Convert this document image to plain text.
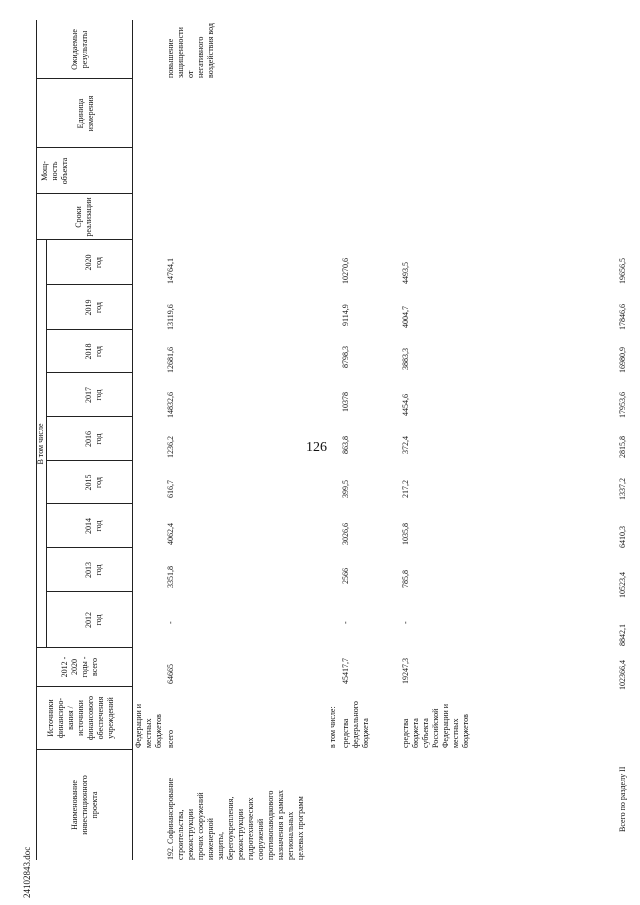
126
24102843.doc
Наименование
инвестиционного
проекта
Источники
финансиро-
вания /
источники
финансового
обеспечения
учреждений
2012 -
2020
годы -
всего
В том числе
2012
год
2013
год
2014
год
2015
год
2016
год
2017
год
2018
год
2019
год
2020
год
Сроки
реализации
Мощ-
ность
объекта
Единица
измерения
Ожидаемые
результаты
Федерации и
местных
бюджетов
192. Софинансирование
строительства,
реконструкции
прочих сооружений
инженерной
защиты,
берегоукрепления,
реконструкции
гидротехнических
сооружений
противопаводкового
назначения в рамках
региональных
целевых программ
повышение
защищенности от
негативного
воздействия вод
всего
64665
-
3351,8
4062,4
616,7
1236,2
14832,6
12681,6
13119,6
14764,1
в том числе: средства
федерального
бюджета
45417,7
-
2566
3026,6
399,5
863,8
10378
8798,3
9114,9
10270,6
средства
бюджета
субъекта
Российской
Федерации и
местных
бюджетов
19247,3
-
785,8
1035,8
217,2
372,4
4454,6
3883,3
4004,7
4493,5
Всего по разделу II
102366,4
8842,1
10523,4
6410,3
1337,2
2815,8
17953,6
16980,9
17846,6
19656,5
